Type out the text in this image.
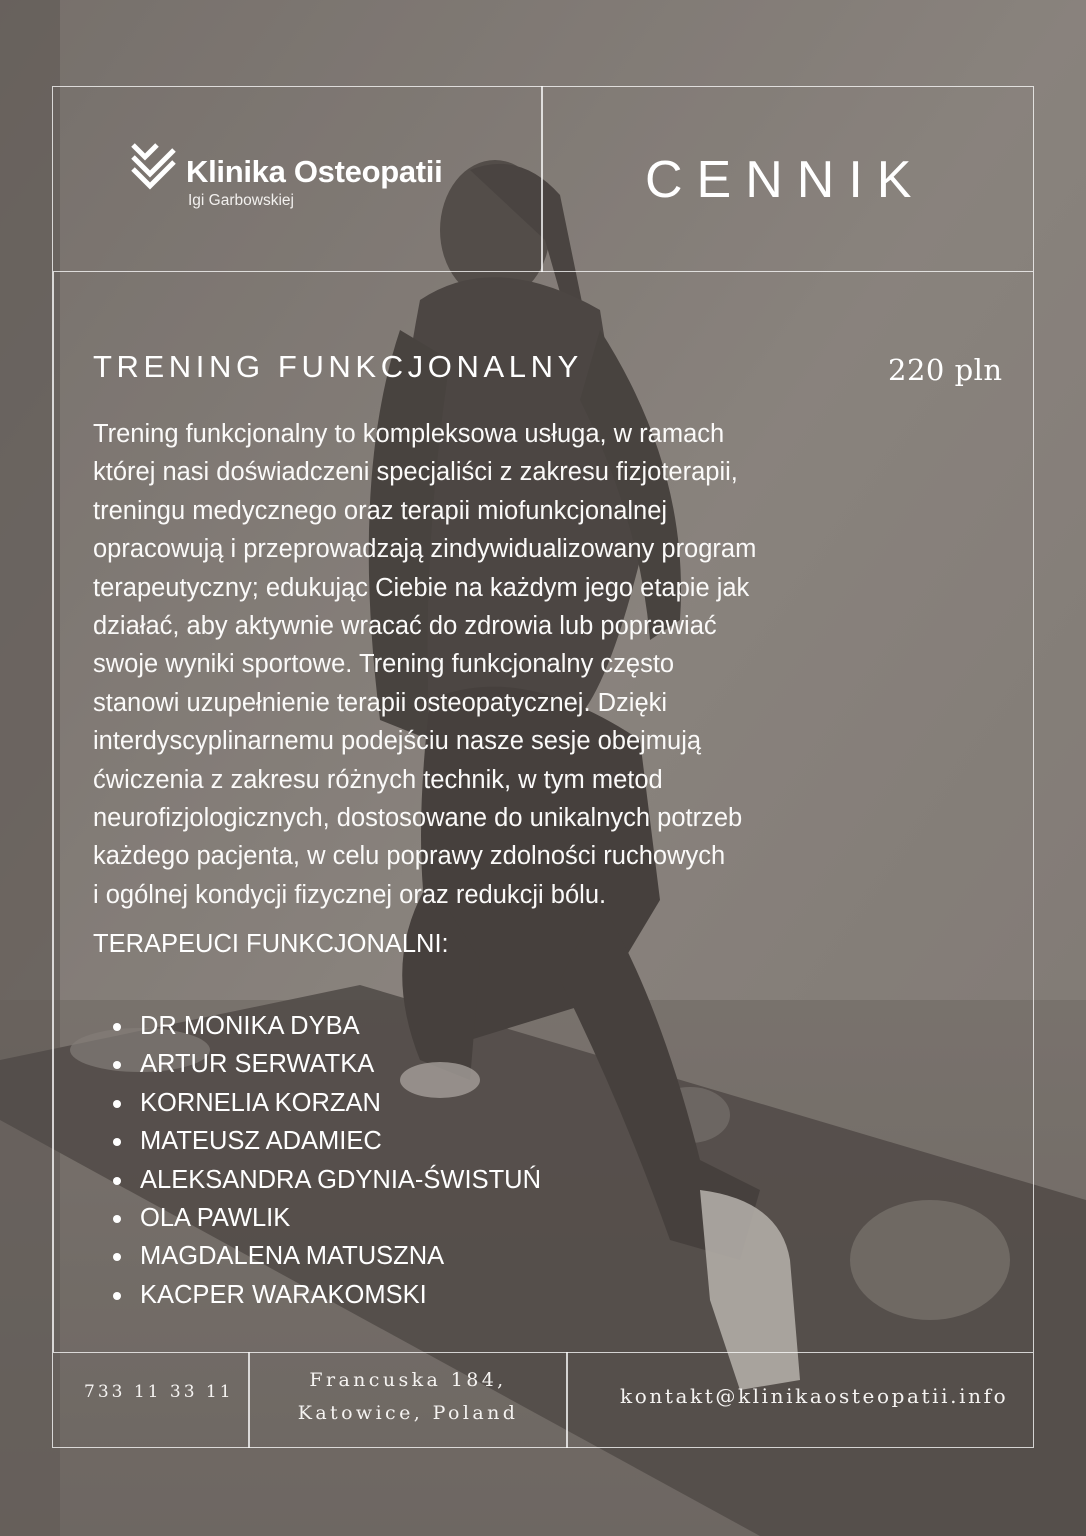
Klinika Osteopatii
Igi Garbowskiej	CENNIK
TRENING FUNKCJONALNY	220 pln

Trening funkcjonalny to kompleksowa usługa, w ramach

której nasi doświadczeni specjaliści z zakresu fizjoterapii,

treningu medycznego oraz terapii miofunkcjonalnej

opracowują i przeprowadzają zindywidualizowany program

terapeutyczny; edukując Ciebie na każdym jego etapie jak

działać, aby aktywnie wracać do zdrowia lub poprawiać

swoje wyniki sportowe. Trening funkcjonalny często

stanowi uzupełnienie terapii osteopatycznej. Dzięki

interdyscyplinarnemu podejściu nasze sesje obejmują

ćwiczenia z zakresu różnych technik, w tym metod

neurofizjologicznych, dostosowane do unikalnych potrzeb

każdego pacjenta, w celu poprawy zdolności ruchowych

i ogólnej kondycji fizycznej oraz redukcji bólu.

TERAPEUCI FUNKCJONALNI:
DR MONIKA DYBA
ARTUR SERWATKA
KORNELIA KORZAN
MATEUSZ ADAMIEC
ALEKSANDRA GDYNIA-ŚWISTUŃ
OLA PAWLIK
MAGDALENA MATUSZNA
KACPER WARAKOMSKI
733 11 33 11
Francuska 184,
Katowice, Poland
kontakt@klinikaosteopatii.info
